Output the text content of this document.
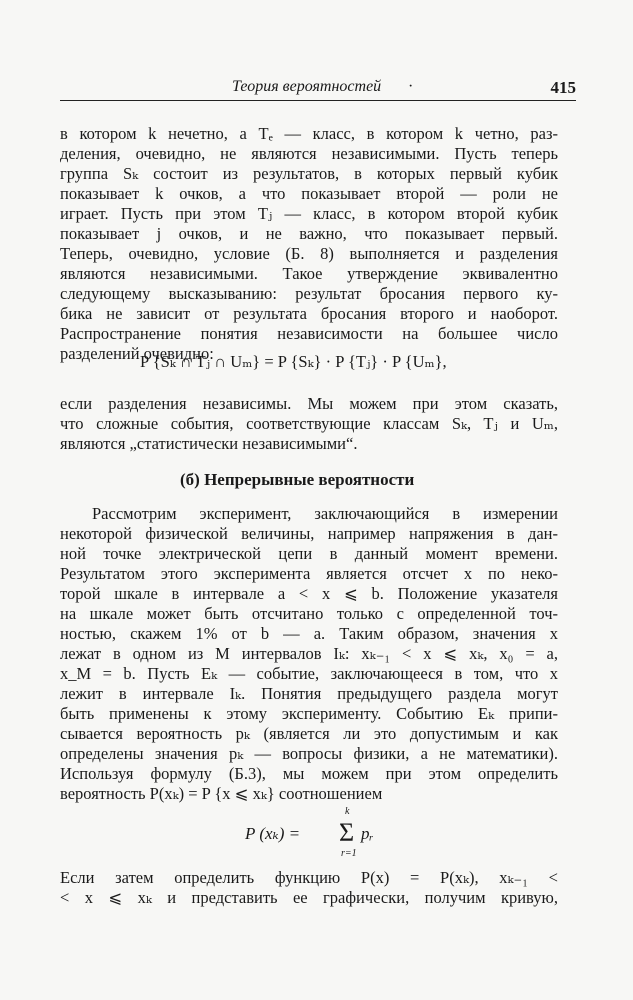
Теория вероятностей ·	415
в котором k нечетно, а Tₑ — класс, в котором k четно, раз-
деления, очевидно, не являются независимыми. Пусть теперь
группа Sₖ состоит из результатов, в которых первый кубик
показывает k очков, а что показывает второй — роли не
играет. Пусть при этом Tⱼ — класс, в котором второй кубик
показывает j очков, и не важно, что показывает первый.
Теперь, очевидно, условие (Б. 8) выполняется и разделения
являются независимыми. Такое утверждение эквивалентно
следующему высказыванию: результат бросания первого ку-
бика не зависит от результата бросания второго и наоборот.
Распространение понятия независимости на большее число
разделений очевидно:
P {Sₖ ∩ Tⱼ ∩ Uₘ} = P {Sₖ} · P {Tⱼ} · P {Uₘ},
если разделения независимы. Мы можем при этом сказать,
что сложные события, соответствующие классам Sₖ, Tⱼ и Uₘ,
являются „статистически независимыми“.
(б) Непрерывные вероятности
Рассмотрим эксперимент, заключающийся в измерении
некоторой физической величины, например напряжения в дан-
ной точке электрической цепи в данный момент времени.
Результатом этого эксперимента является отсчет x по неко-
торой шкале в интервале a < x ⩽ b. Положение указателя
на шкале может быть отсчитано только с определенной точ-
ностью, скажем 1% от b — a. Таким образом, значения x
лежат в одном из M интервалов Iₖ: xₖ₋₁ < x ⩽ xₖ, x₀ = a,
x_M = b. Пусть Eₖ — событие, заключающееся в том, что x
лежит в интервале Iₖ. Понятия предыдущего раздела могут
быть применены к этому эксперименту. Событию Eₖ припи-
сывается вероятность pₖ (является ли это допустимым и как
определены значения pₖ — вопросы физики, а не математики).
Используя формулу (Б.3), мы можем при этом определить
вероятность P(xₖ) = P {x ⩽ xₖ} соотношением
P (xₖ) =
k
Σ
r=1
pᵣ
Если затем определить функцию P(x) = P(xₖ), xₖ₋₁ <
< x ⩽ xₖ и представить ее графически, получим кривую,
